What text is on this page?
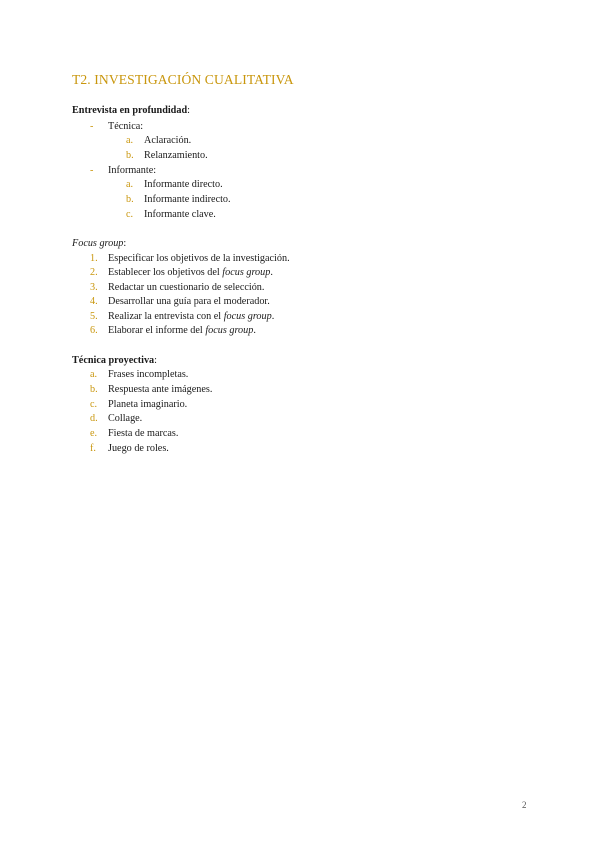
T2. INVESTIGACIÓN CUALITATIVA
Entrevista en profundidad:
- Técnica:
a. Aclaración.
b. Relanzamiento.
- Informante:
a. Informante directo.
b. Informante indirecto.
c. Informante clave.
Focus group:
1. Especificar los objetivos de la investigación.
2. Establecer los objetivos del focus group.
3. Redactar un cuestionario de selección.
4. Desarrollar una guía para el moderador.
5. Realizar la entrevista con el focus group.
6. Elaborar el informe del focus group.
Técnica proyectiva:
a. Frases incompletas.
b. Respuesta ante imágenes.
c. Planeta imaginario.
d. Collage.
e. Fiesta de marcas.
f. Juego de roles.
2
